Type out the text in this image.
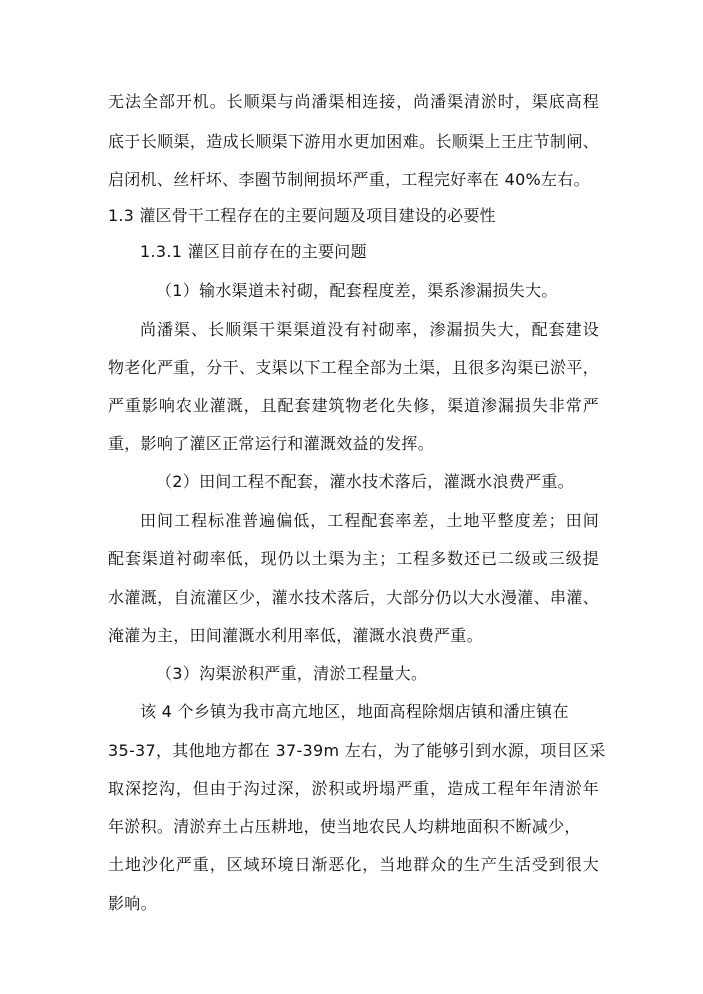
无法全部开机。长顺渠与尚潘渠相连接，尚潘渠清淤时，渠底高程
底于长顺渠，造成长顺渠下游用水更加困难。长顺渠上王庄节制闸、
启闭机、丝杆坏、李圈节制闸损坏严重，工程完好率在 40%左右。
1.3 灌区骨干工程存在的主要问题及项目建设的必要性
1.3.1 灌区目前存在的主要问题
（1）输水渠道未衬砌，配套程度差，渠系渗漏损失大。
尚潘渠、长顺渠干渠渠道没有衬砌率，渗漏损失大，配套建设
物老化严重，分干、支渠以下工程全部为土渠，且很多沟渠已淤平，
严重影响农业灌溉，且配套建筑物老化失修，渠道渗漏损失非常严
重，影响了灌区正常运行和灌溉效益的发挥。
（2）田间工程不配套，灌水技术落后，灌溉水浪费严重。
田间工程标准普遍偏低，工程配套率差，土地平整度差；田间
配套渠道衬砌率低，现仍以土渠为主；工程多数还已二级或三级提
水灌溉，自流灌区少，灌水技术落后，大部分仍以大水漫灌、串灌、
淹灌为主，田间灌溉水利用率低，灌溉水浪费严重。
（3）沟渠淤积严重，清淤工程量大。
该 4 个乡镇为我市高亢地区，地面高程除烟店镇和潘庄镇在
35-37，其他地方都在 37-39m 左右，为了能够引到水源，项目区采
取深挖沟，但由于沟过深，淤积或坍塌严重，造成工程年年清淤年
年淤积。清淤弃土占压耕地，使当地农民人均耕地面积不断减少，
土地沙化严重，区域环境日渐恶化，当地群众的生产生活受到很大
影响。
